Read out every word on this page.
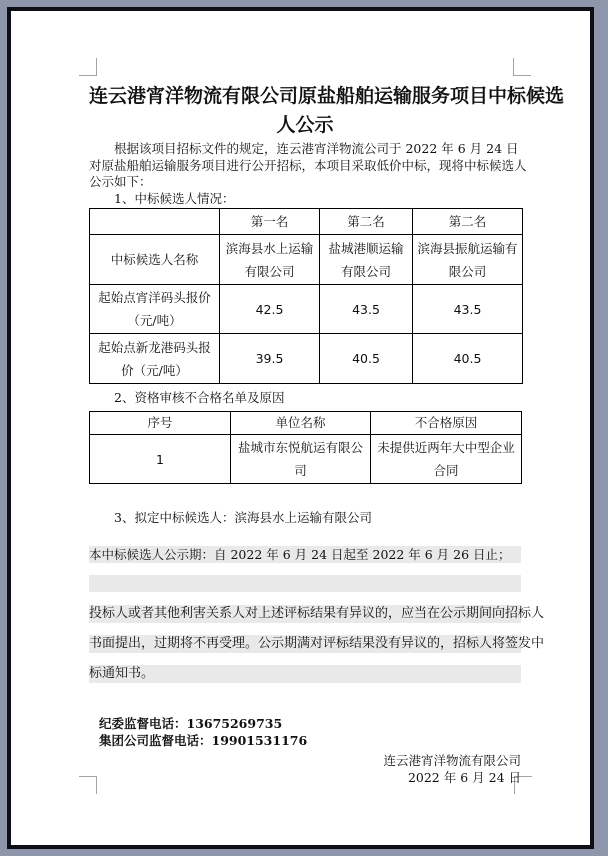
连云港宵洋物流有限公司原盐船舶运输服务项目中标候选
人公示
根据该项目招标文件的规定，连云港宵洋物流公司于 2022 年 6 月 24 日
对原盐船舶运输服务项目进行公开招标，本项目采取低价中标，现将中标候选人
公示如下：
1、中标候选人情况：
	第一名	第二名	第二名
中标候选人名称	滨海县水上运输有限公司	盐城港顺运输有限公司	滨海县振航运输有限公司
起始点宵洋码头报价（元/吨）	42.5	43.5	43.5
起始点新龙港码头报价（元/吨）	39.5	40.5	40.5
2、资格审核不合格名单及原因
序号	单位名称	不合格原因
1	盐城市东悦航运有限公司	未提供近两年大中型企业合同
3、拟定中标候选人：滨海县水上运输有限公司
本中标候选人公示期：自 2022 年 6 月 24 日起至 2022 年 6 月 26 日止；
投标人或者其他利害关系人对上述评标结果有异议的，应当在公示期间向招标人
书面提出，过期将不再受理。公示期满对评标结果没有异议的，招标人将签发中
标通知书。
纪委监督电话：13675269735
集团公司监督电话：19901531176
连云港宵洋物流有限公司
2022 年 6 月 24 日
